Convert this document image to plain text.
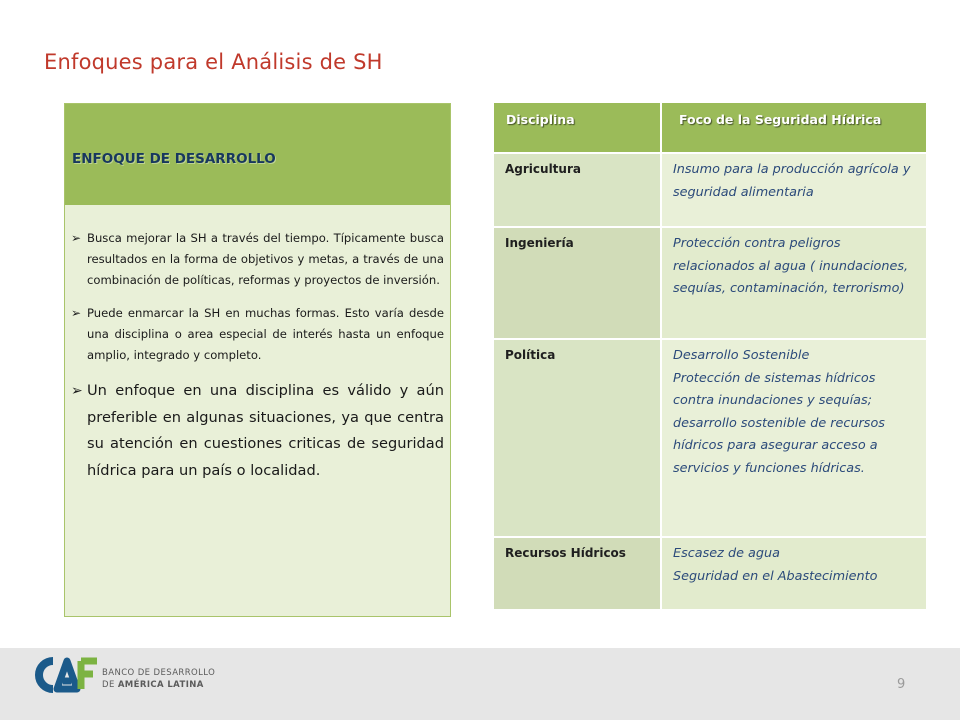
Enfoques para el Análisis de SH
ENFOQUE DE DESARROLLO
➢ Busca mejorar la SH a través del tiempo. Típicamente busca resultados en la forma de objetivos y metas, a través de una combinación de políticas, reformas y proyectos de inversión.
➢ Puede enmarcar la SH en muchas formas. Esto varía desde una disciplina o area especial de interés hasta un enfoque amplio, integrado y completo.
➢ Un enfoque en una disciplina es válido y aún preferible en algunas situaciones, ya que centra su atención en cuestiones criticas de seguridad hídrica para un país o localidad.
Disciplina	Foco de la Seguridad Hídrica
Agricultura	Insumo para la producción agrícola y seguridad alimentaria

Ingeniería	Protección contra peligros relacionados al agua ( inundaciones, sequías, contaminación, terrorismo)

Política	Desarrollo Sostenible
Protección de sistemas hídricos contra inundaciones y sequías; desarrollo sostenible de recursos hídricos para asegurar acceso a servicios y funciones hídricas.

Recursos Hídricos	Escasez de agua
Seguridad en el Abastecimiento
BANCO DE DESARROLLO
DE AMÉRICA LATINA	9
